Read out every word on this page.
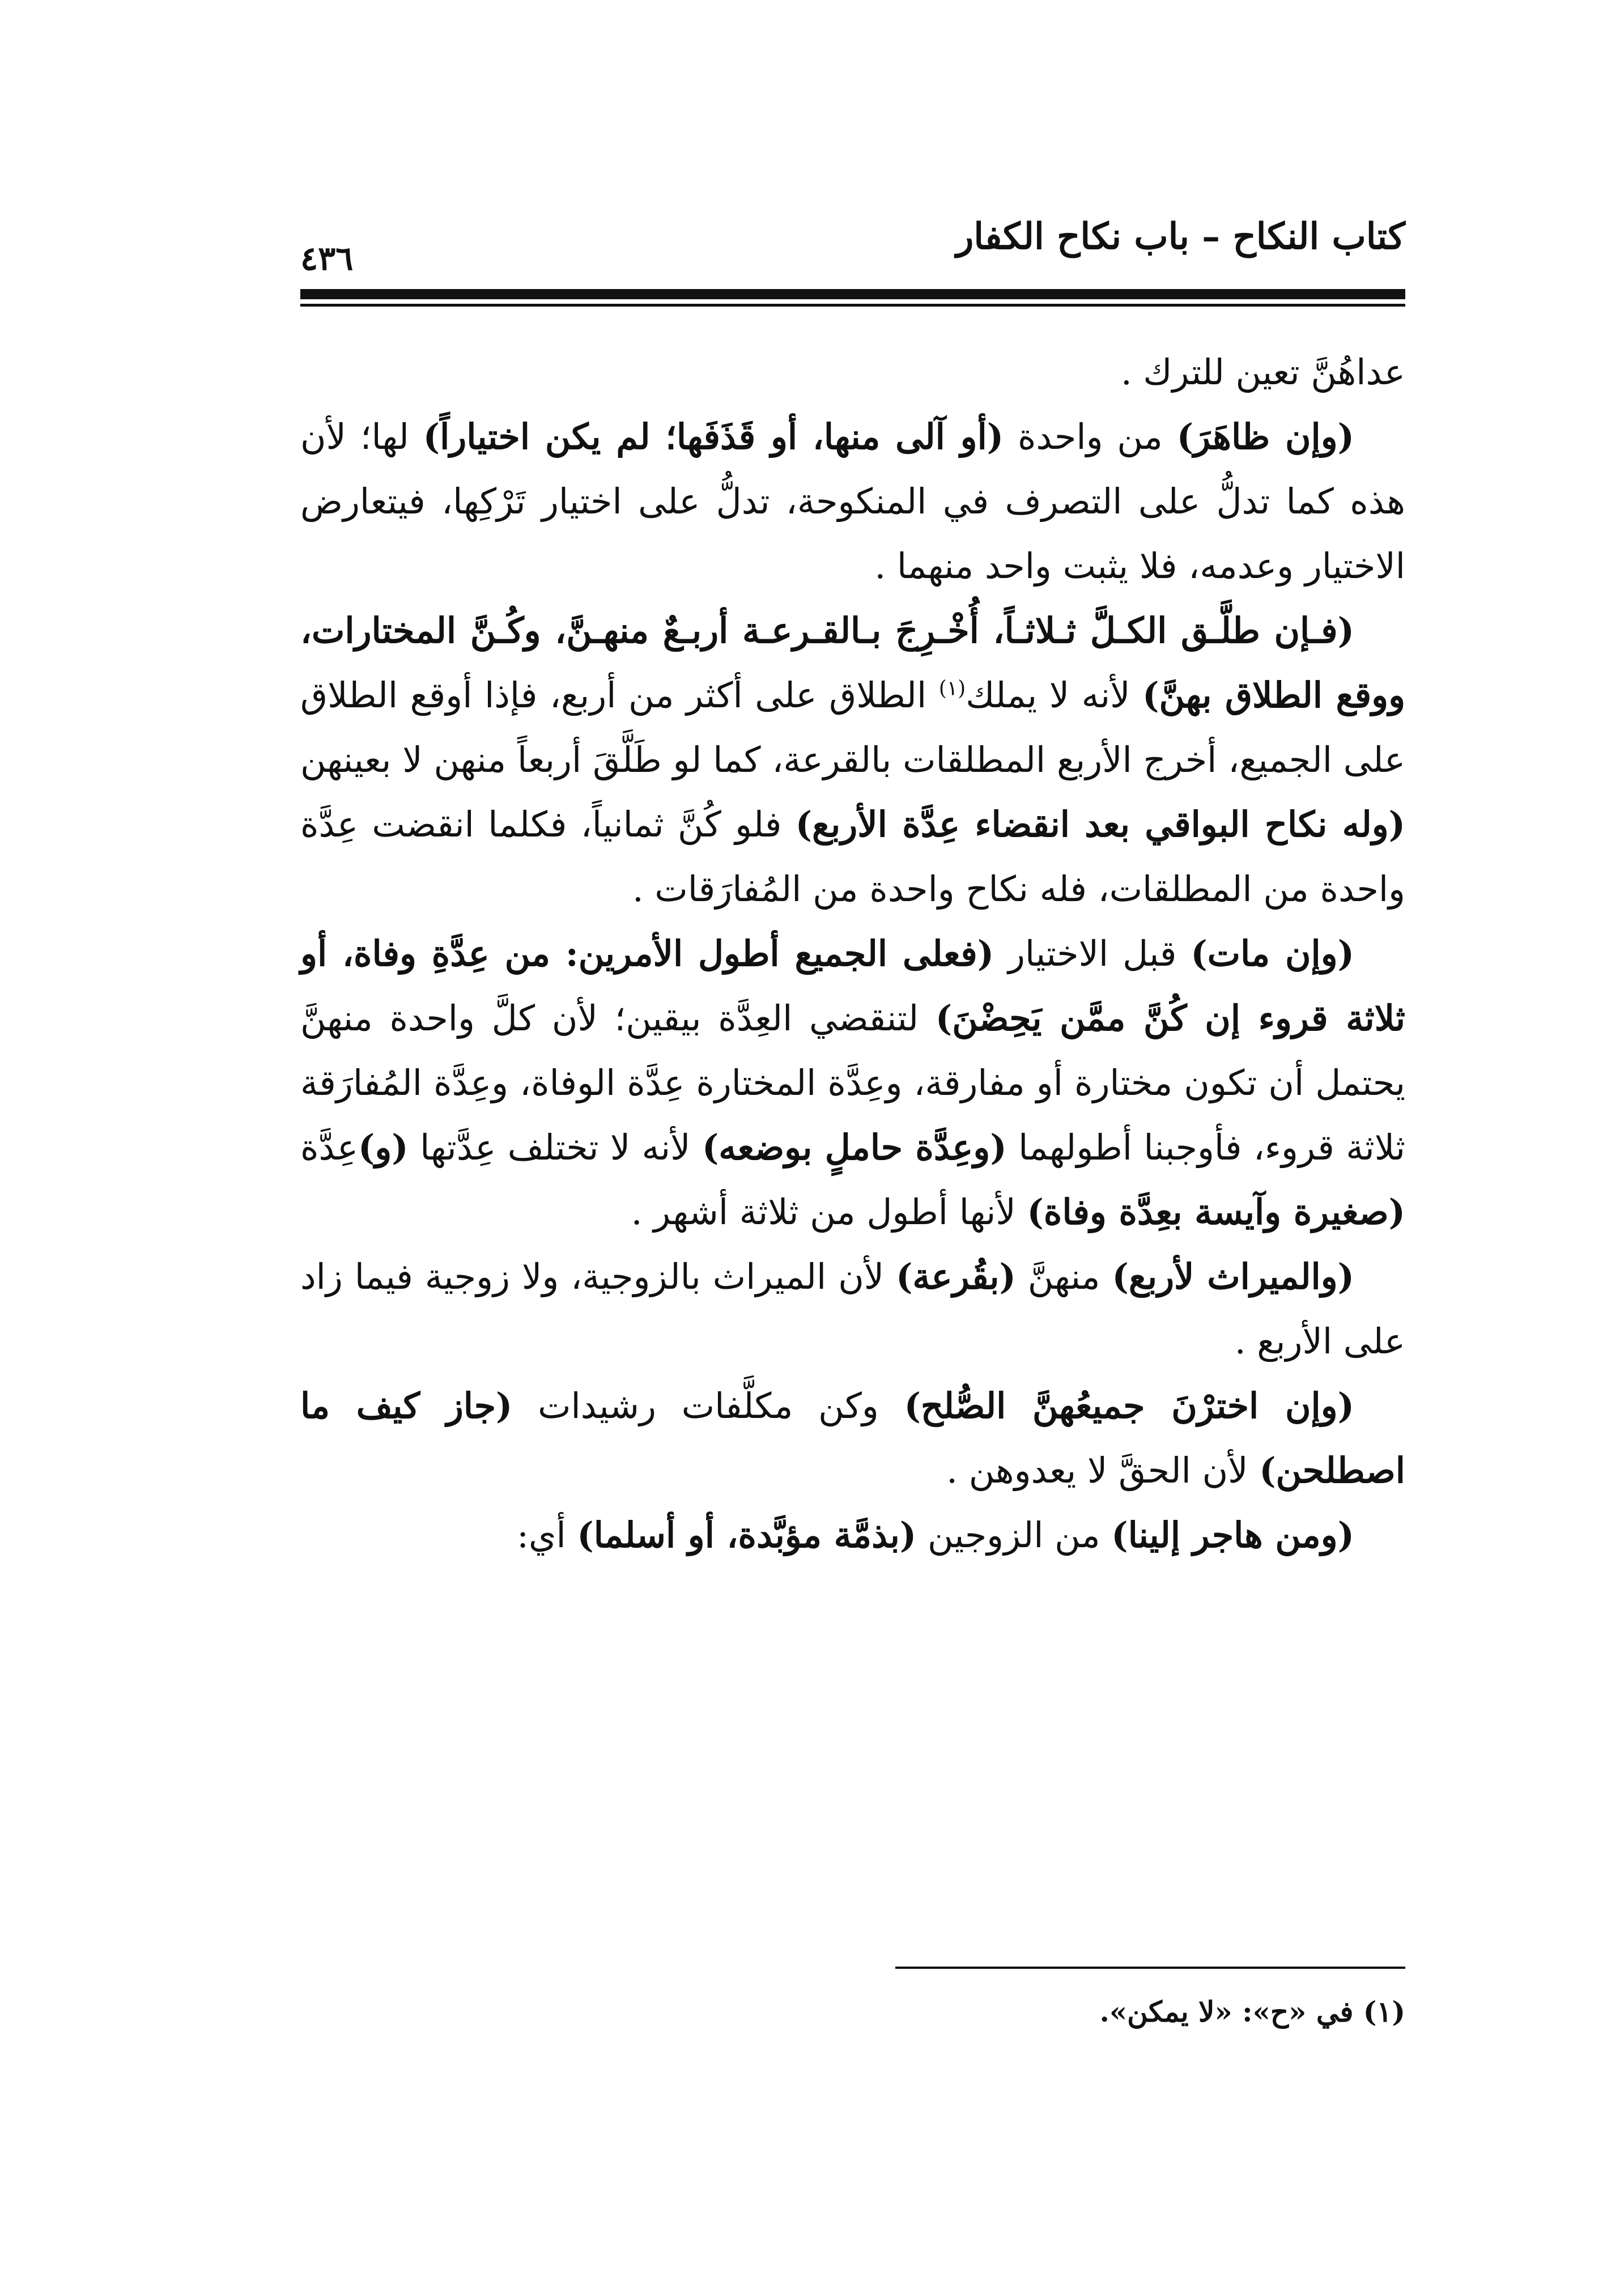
كتاب النكاح – باب نكاح الكفار
٤٣٦

عداهُنَّ تعين للترك .

(وإن ظاهَرَ) من واحدة (أو آلى منها، أو قَذَفَها؛ لم يكن اختياراً) لها؛ لأن هذه كما تدلُّ على التصرف في المنكوحة، تدلُّ على اختيار تَرْكِها، فيتعارض الاختيار وعدمه، فلا يثبت واحد منهما .

(فـإن طلَّـق الكـلَّ ثـلاثـاً، أُخْـرِجَ بـالقـرعـة أربـعٌ منهـنَّ، وكُـنَّ المختارات، ووقع الطلاق بهنَّ) لأنه لا يملك$^{(١)}$ الطلاق على أكثر من أربع، فإذا أوقع الطلاق على الجميع، أخرج الأربع المطلقات بالقرعة، كما لو طَلَّقَ أربعاً منهن لا بعينهن (وله نكاح البواقي بعد انقضاء عِدَّة الأربع) فلو كُنَّ ثمانياً، فكلما انقضت عِدَّة واحدة من المطلقات، فله نكاح واحدة من المُفارَقات .

(وإن مات) قبل الاختيار (فعلى الجميع أطول الأمرين: من عِدَّةِ وفاة، أو ثلاثة قروء إن كُنَّ ممَّن يَحِضْنَ) لتنقضي العِدَّة بيقين؛ لأن كلَّ واحدة منهنَّ يحتمل أن تكون مختارة أو مفارقة، وعِدَّة المختارة عِدَّة الوفاة، وعِدَّة المُفارَقة ثلاثة قروء، فأوجبنا أطولهما (وعِدَّة حاملٍ بوضعه) لأنه لا تختلف عِدَّتها (و)عِدَّة (صغيرة وآيسة بعِدَّة وفاة) لأنها أطول من ثلاثة أشهر .

(والميراث لأربع) منهنَّ (بقُرعة) لأن الميراث بالزوجية، ولا زوجية فيما زاد على الأربع .

(وإن اخترْنَ جميعُهنَّ الصُّلح) وكن مكلَّفات رشيدات (جاز كيف ما اصطلحن) لأن الحقَّ لا يعدوهن .

(ومن هاجر إلينا) من الزوجين (بذمَّة مؤبَّدة، أو أسلما) أي:

(١) في «ح»: «لا يمكن».
